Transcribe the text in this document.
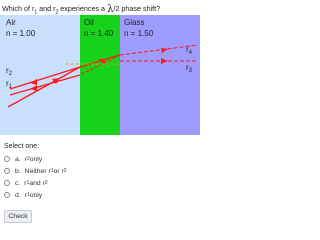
Which of $r_1$ and $r_2$ experiences a λ/2 phase shift?
Air
n = 1.00
Oil
n = 1.40
Glass
n = 1.50
$r_2$
$r_1$
$r_4$
$r_3$
Select one:
a. r 2 only
b. Neither r 1 or r 2
c. r 1 and r 2
d. r 1 only
Check
